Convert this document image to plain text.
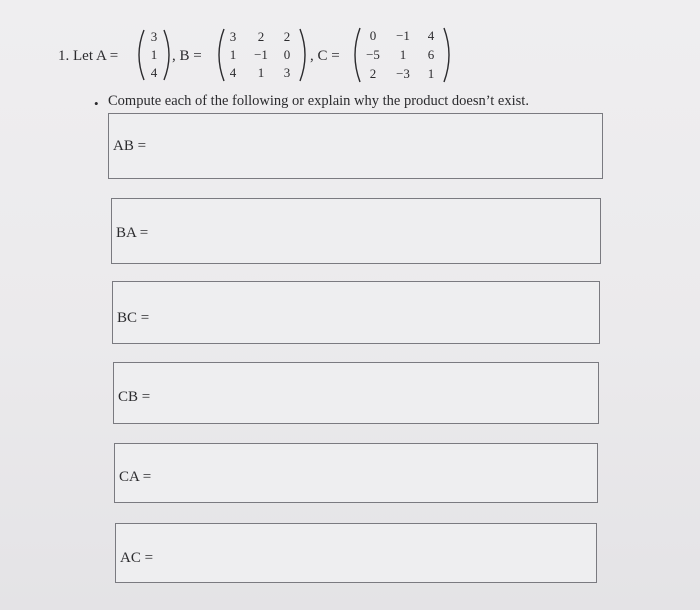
1. Let A =
3
1
4
, B =
3	2	2
1	−1	0
4	1	3
, C =
0	−1	4
−5	1	6
2	−3	1
• Compute each of the following or explain why the product doesn’t exist.
AB =
BA =
BC =
CB =
CA =
AC =
